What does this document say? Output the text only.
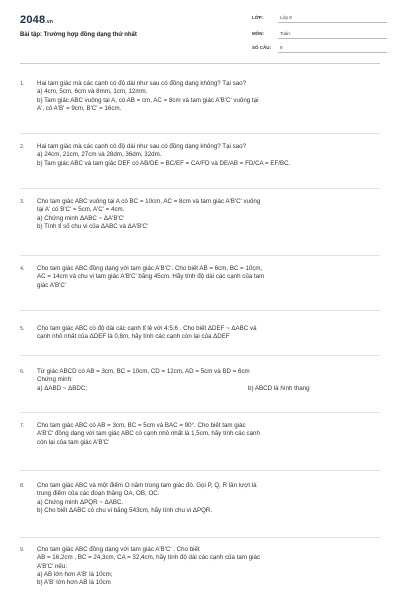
2048.vn
Bài tập: Trường hợp đồng dạng thứ nhất
LỚP:	Lớp 8
MÔN:	Toán
SỐ CÂU: 9
1.	Hai tam giác mà các cạnh có độ dài như sau có đồng dạng không? Tại sao?
a) 4cm, 5cm, 6cm và 8mm, 1cm, 12mm.
b) Tam giác ABC vuông tại A, có AB = cm, AC = 8cm và tam giác A'B'C' vuông tại
A', có A'B' = 9cm, B'C' = 16cm.
2.	Hai tam giác mà các cạnh có độ dài như sau có đồng dạng không? Tại sao?
a) 24cm, 21cm, 27cm và 28dm, 36dm, 32dm.
b) Tam giác ABC và tam giác DEF có AB/DE = BC/EF = CA/FD và DE/AB = FD/CA = EF/BC.
3.	Cho tam giác ABC vuông tại A có BC = 10cm, AC = 8cm và tam giác A'B'C' vuông
tại A' có B'C' = 5cm, A'C' = 4cm.
a) Chứng minh ΔABC ~ ΔA'B'C'
b) Tính tỉ số chu vi của ΔABC và ΔA'B'C'
4.	Cho tam giác ABC đồng dạng với tam giác A'B'C'. Cho biết AB = 6cm, BC = 10cm,
AC = 14cm và chu vi tam giác A'B'C' bằng 45cm. Hãy tính độ dài các cạnh của tam
giác A'B'C'
5.	Cho tam giác ABC có độ dài các cạnh tỉ lệ với 4:5:6 . Cho biết ΔDEF ~ ΔABC và
cạnh nhỏ nhất của ΔDEF là 0,8m, hãy tính các cạnh còn lại của ΔDEF
6.	Từ giác ABCD có AB = 3cm, BC = 10cm, CD = 12cm, AD = 5cm và BD = 6cm
Chứng minh:
a) ΔABD ~ ΔBDC;	b) ABCD là hình thang
7.	Cho tam giác ABC có AB = 3cm, BC = 5cm và BÂC = 90°. Cho biết tam giác
A'B'C' đồng dạng với tam giác ABC có cạnh nhỏ nhất là 1,5cm, hãy tính các cạnh
còn lại của tam giác A'B'C'
8.	Cho tam giác ABC và một điểm O nằm trong tam giác đó. Gọi P, Q, R lần lượt là
trung điểm của các đoạn thẳng OA, OB, OC.
a) Chứng minh ΔPQR ~ ΔABC.
b) Cho biết ΔABC có chu vi bằng 543cm, hãy tính chu vi ΔPQR.
9.	Cho tam giác ABC đồng dạng với tam giác A'B'C' . Cho biết
AB = 16,2cm , BC = 24,3cm, CA = 32,4cm, hãy tính độ dài các cạnh của tam giác
A'B'C' nếu:
a) AB lớn hơn A'B' là 10cm;
b) A'B' lớn hơn AB là 10cm
